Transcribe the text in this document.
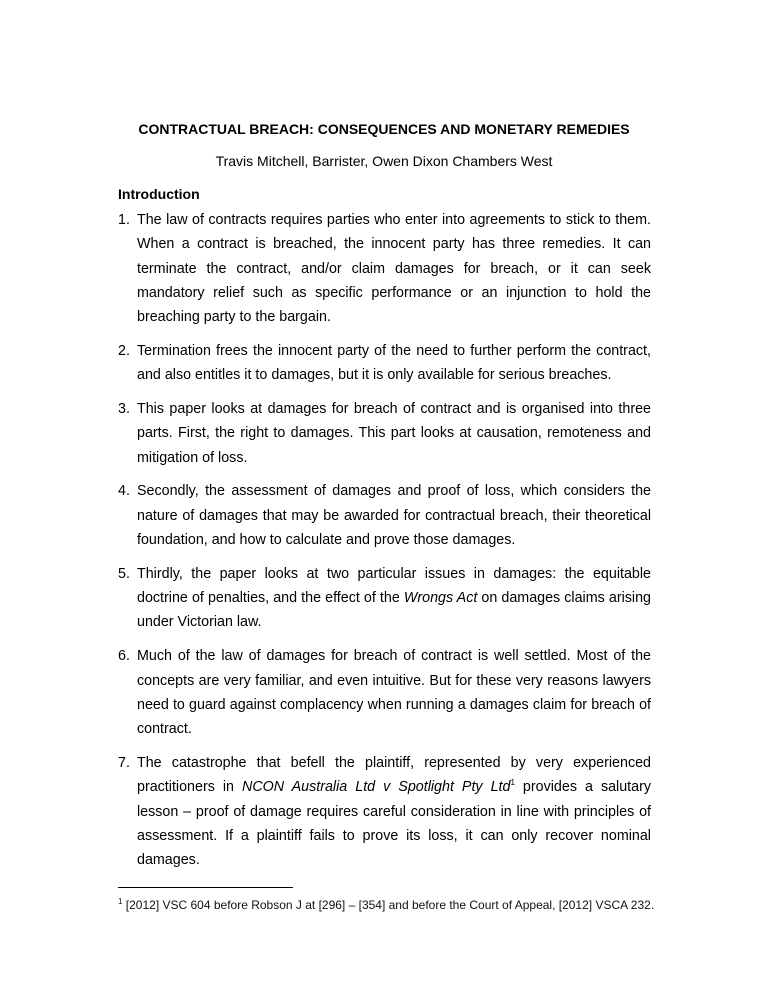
CONTRACTUAL BREACH: CONSEQUENCES AND MONETARY REMEDIES
Travis Mitchell, Barrister, Owen Dixon Chambers West
Introduction
1. The law of contracts requires parties who enter into agreements to stick to them. When a contract is breached, the innocent party has three remedies. It can terminate the contract, and/or claim damages for breach, or it can seek mandatory relief such as specific performance or an injunction to hold the breaching party to the bargain.
2. Termination frees the innocent party of the need to further perform the contract, and also entitles it to damages, but it is only available for serious breaches.
3. This paper looks at damages for breach of contract and is organised into three parts. First, the right to damages. This part looks at causation, remoteness and mitigation of loss.
4. Secondly, the assessment of damages and proof of loss, which considers the nature of damages that may be awarded for contractual breach, their theoretical foundation, and how to calculate and prove those damages.
5. Thirdly, the paper looks at two particular issues in damages: the equitable doctrine of penalties, and the effect of the Wrongs Act on damages claims arising under Victorian law.
6. Much of the law of damages for breach of contract is well settled. Most of the concepts are very familiar, and even intuitive. But for these very reasons lawyers need to guard against complacency when running a damages claim for breach of contract.
7. The catastrophe that befell the plaintiff, represented by very experienced practitioners in NCON Australia Ltd v Spotlight Pty Ltd$^1$ provides a salutary lesson – proof of damage requires careful consideration in line with principles of assessment. If a plaintiff fails to prove its loss, it can only recover nominal damages.
$^1$ [2012] VSC 604 before Robson J at [296] – [354] and before the Court of Appeal, [2012] VSCA 232.
